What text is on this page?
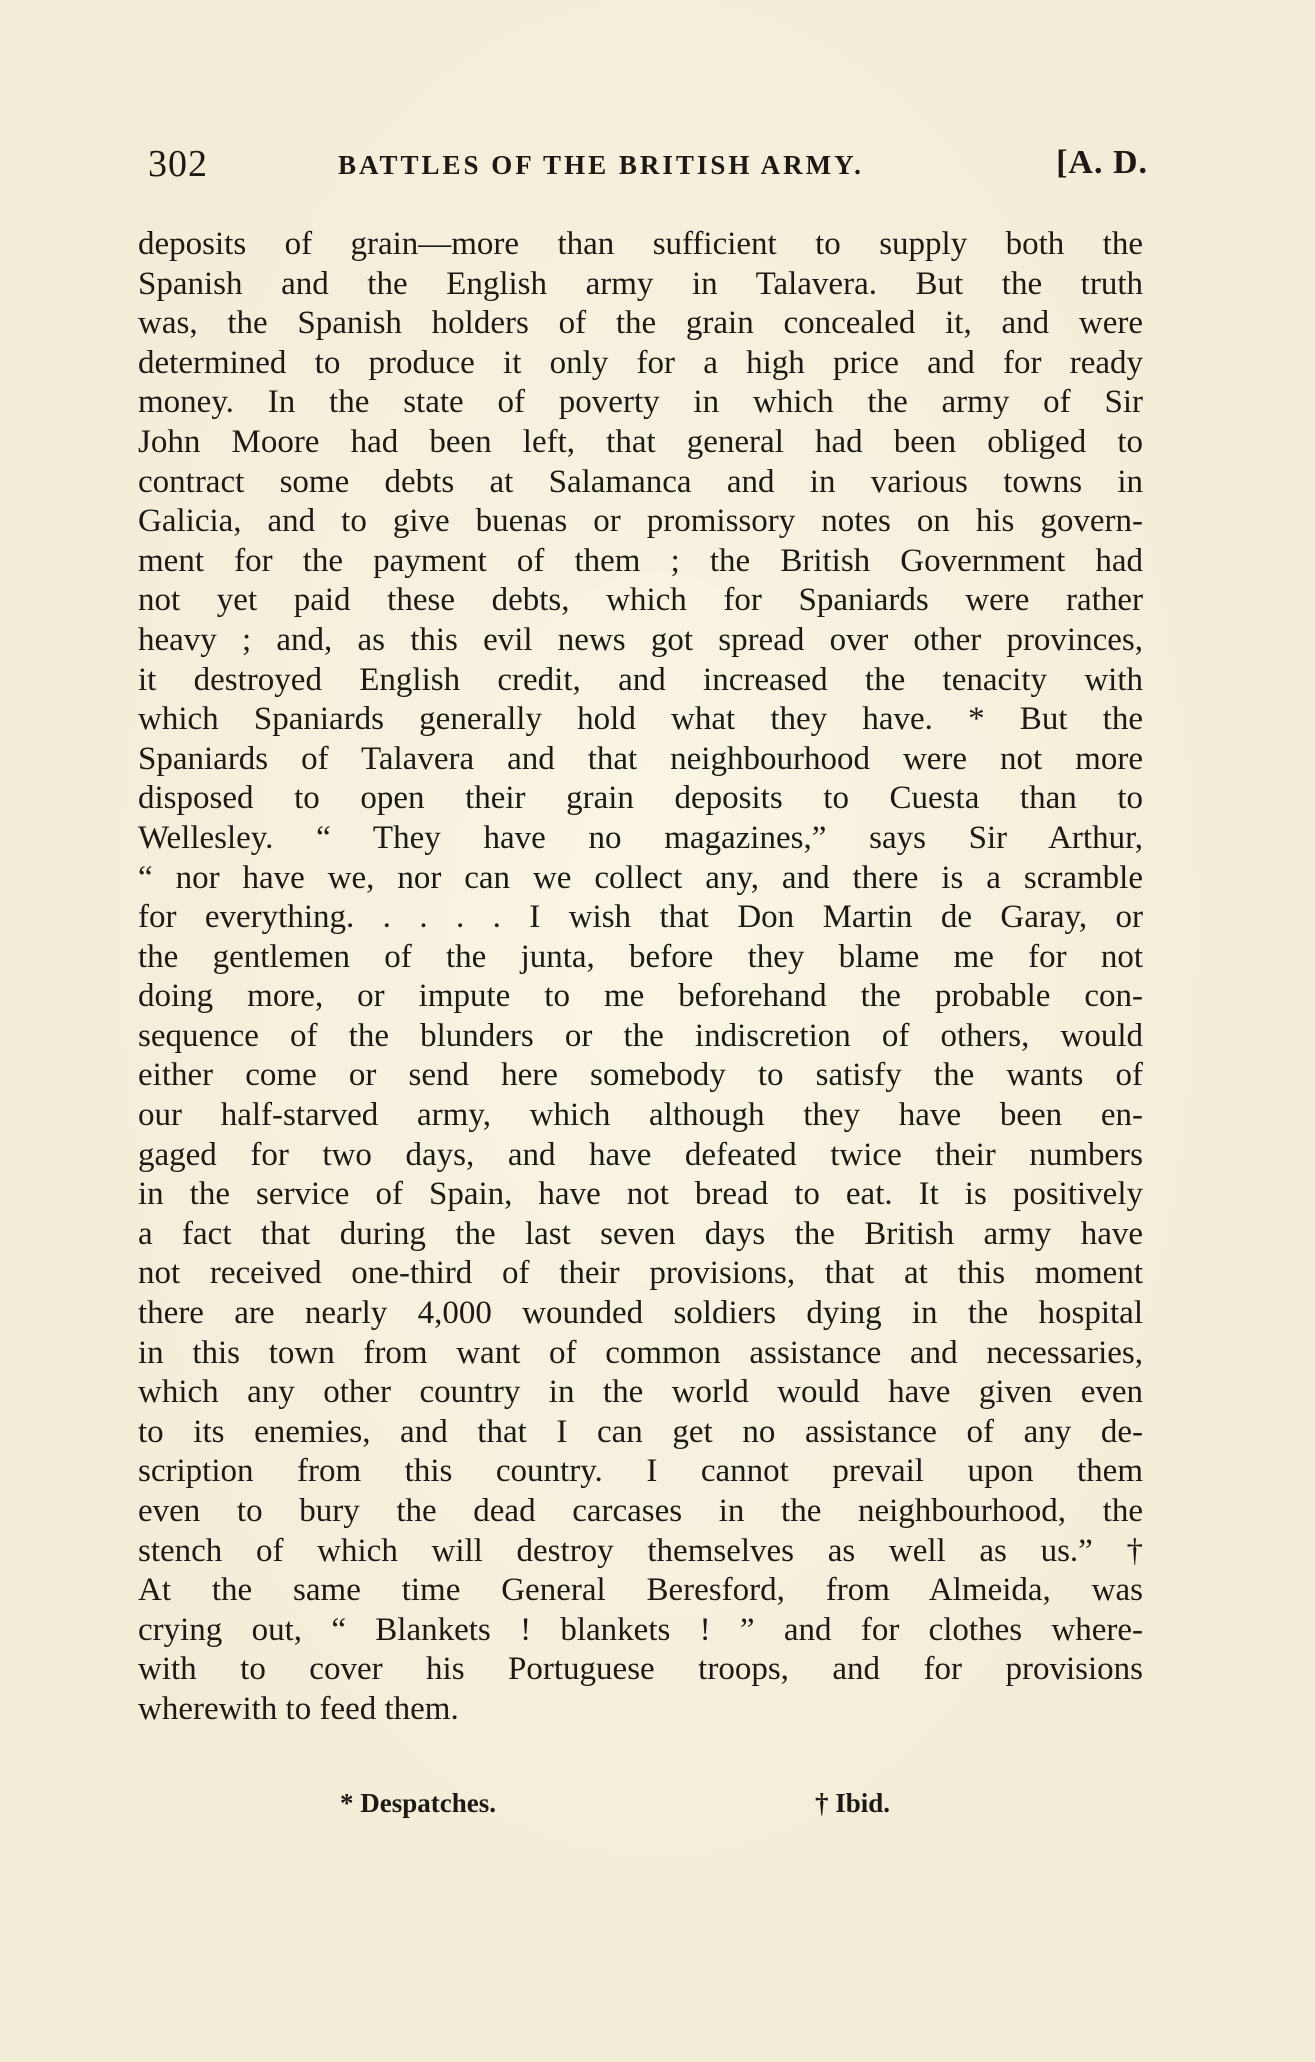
302	BATTLES OF THE BRITISH ARMY.	[A. D.
deposits of grain—more than sufficient to supply both the
Spanish and the English army in Talavera. But the truth
was, the Spanish holders of the grain concealed it, and were
determined to produce it only for a high price and for ready
money. In the state of poverty in which the army of Sir
John Moore had been left, that general had been obliged to
contract some debts at Salamanca and in various towns in
Galicia, and to give buenas or promissory notes on his govern-
ment for the payment of them ; the British Government had
not yet paid these debts, which for Spaniards were rather
heavy ; and, as this evil news got spread over other provinces,
it destroyed English credit, and increased the tenacity with
which Spaniards generally hold what they have. * But the
Spaniards of Talavera and that neighbourhood were not more
disposed to open their grain deposits to Cuesta than to
Wellesley. “ They have no magazines,” says Sir Arthur,
“ nor have we, nor can we collect any, and there is a scramble
for everything. . . . . I wish that Don Martin de Garay, or
the gentlemen of the junta, before they blame me for not
doing more, or impute to me beforehand the probable con-
sequence of the blunders or the indiscretion of others, would
either come or send here somebody to satisfy the wants of
our half-starved army, which although they have been en-
gaged for two days, and have defeated twice their numbers
in the service of Spain, have not bread to eat. It is positively
a fact that during the last seven days the British army have
not received one-third of their provisions, that at this moment
there are nearly 4,000 wounded soldiers dying in the hospital
in this town from want of common assistance and necessaries,
which any other country in the world would have given even
to its enemies, and that I can get no assistance of any de-
scription from this country. I cannot prevail upon them
even to bury the dead carcases in the neighbourhood, the
stench of which will destroy themselves as well as us.” †
At the same time General Beresford, from Almeida, was
crying out, “ Blankets ! blankets ! ” and for clothes where-
with to cover his Portuguese troops, and for provisions
wherewith to feed them.
* Despatches.	† Ibid.
